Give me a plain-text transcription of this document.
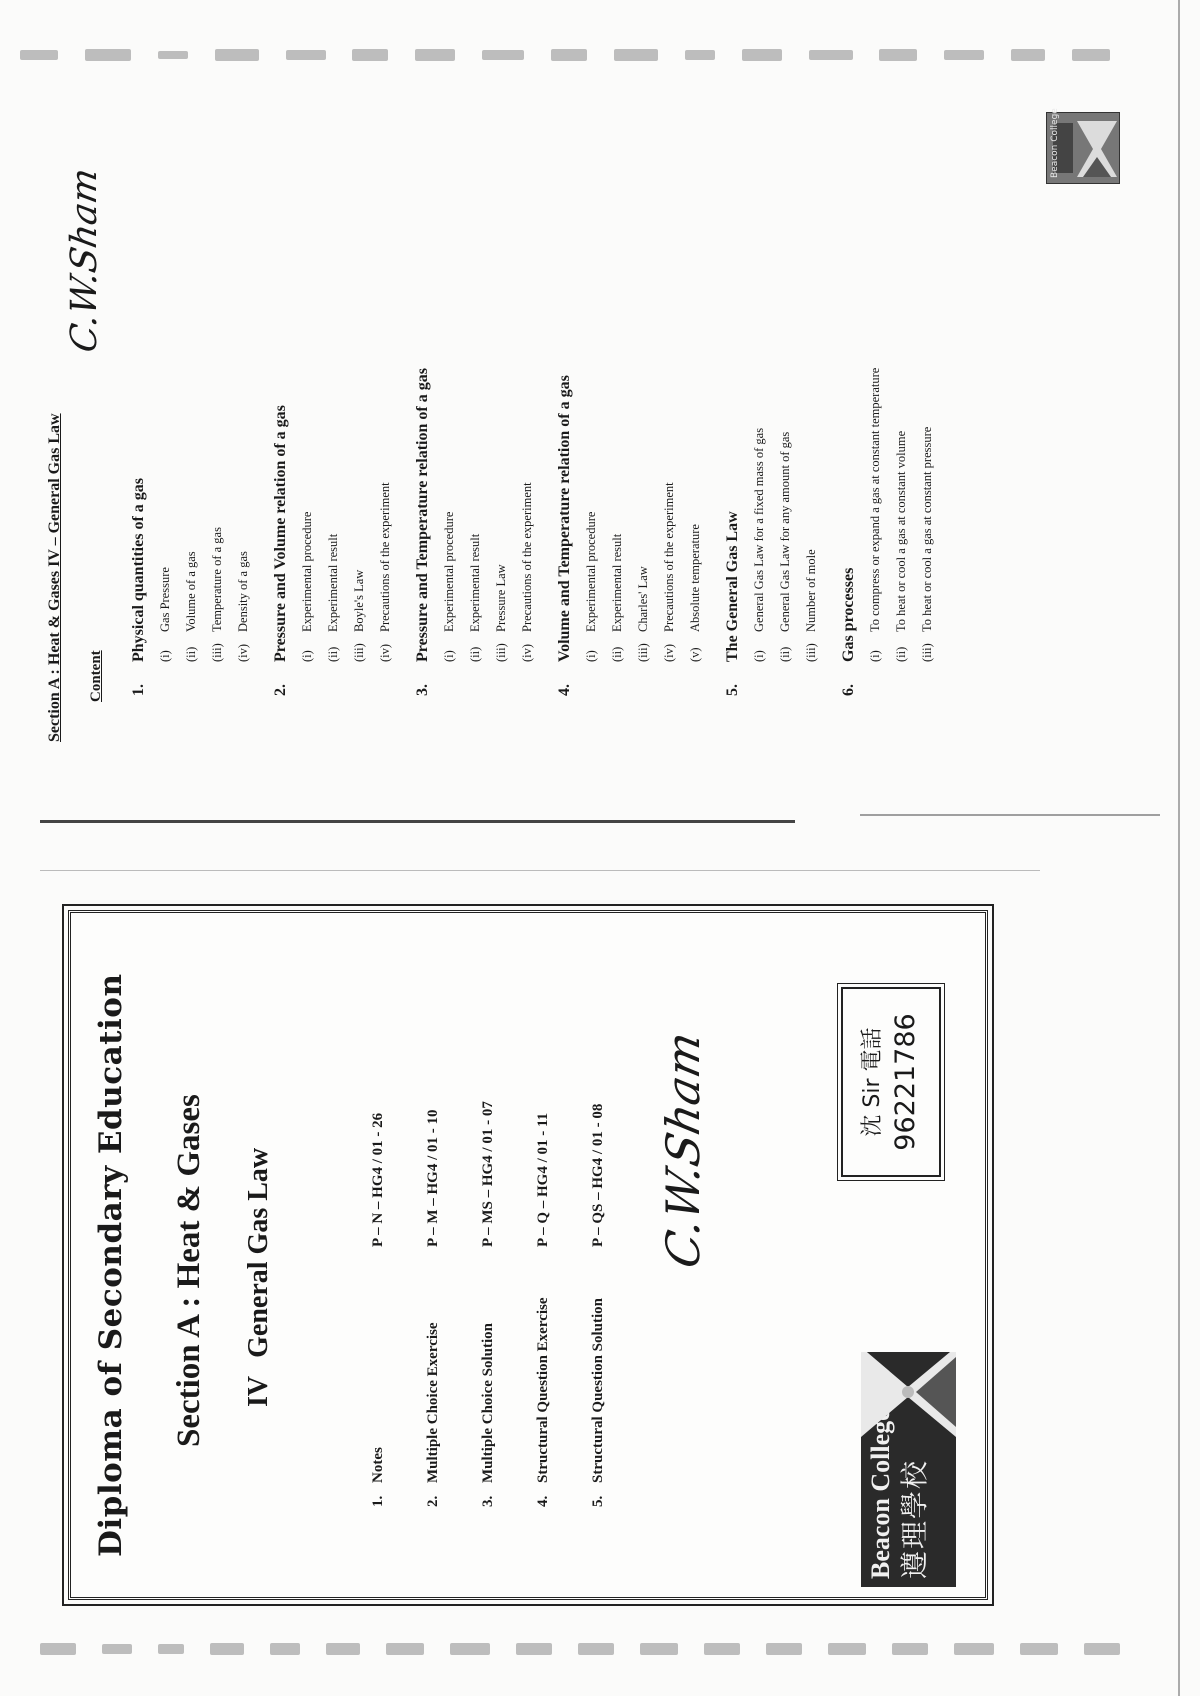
Diploma of Secondary Education Section A : Heat & Gases IVGeneral Gas Law
1.
Notes
P – N – HG4 / 01 - 26
2.
Multiple Choice Exercise
P – M – HG4 / 01 - 10
3.
Multiple Choice Solution
P – MS – HG4 / 01 - 07
4.
Structural Question Exercise
P – Q – HG4 / 01 - 11
5.
Structural Question Solution
P – QS – HG4 / 01 - 08 C.W.Sham
Beacon College 遵理學校
沈 Sir 電話 96221786
Section A : Heat & Gases IV – General Gas Law
C.W.Sham
Content 1.
Physical quantities of a gas (i)
Gas Pressure
(ii)
Volume of a gas
(iii)
Temperature of a gas
(iv)
Density of a gas
2.
Pressure and Volume relation of a gas (i)
Experimental procedure
(ii)
Experimental result
(iii)
Boyle's Law
(iv)
Precautions of the experiment
3.
Pressure and Temperature relation of a gas (i)
Experimental procedure
(ii)
Experimental result
(iii)
Pressure Law
(iv)
Precautions of the experiment
4.
Volume and Temperature relation of a gas (i)
Experimental procedure
(ii)
Experimental result
(iii)
Charles' Law
(iv)
Precautions of the experiment
(v)
Absolute temperature
5.
The General Gas Law (i)
General Gas Law for a fixed mass of gas
(ii)
General Gas Law for any amount of gas
(iii)
Number of mole
6.
Gas processes (i)
To compress or expand a gas at constant temperature
(ii)
To heat or cool a gas at constant volume
(iii)
To heat or cool a gas at constant pressure
Beacon College
